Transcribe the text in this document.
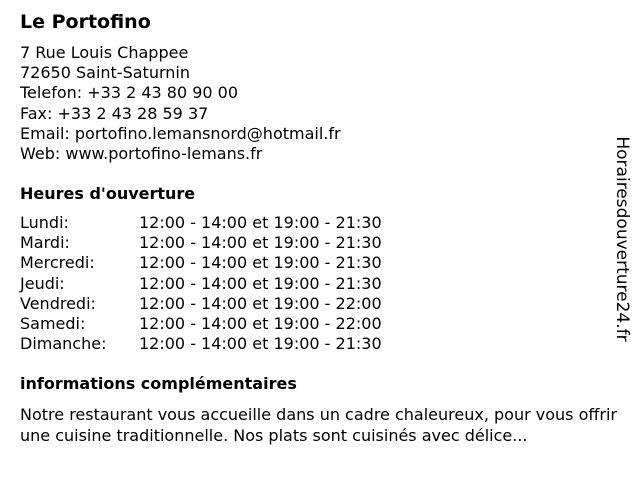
Le Portofino
7 Rue Louis Chappee
72650 Saint-Saturnin
Telefon: +33 2 43 80 90 00
Fax: +33 2 43 28 59 37
Email: portofino.lemansnord@hotmail.fr
Web: www.portofino-lemans.fr
Heures d'ouverture
Lundi:	12:00 - 14:00 et 19:00 - 21:30
Mardi:	12:00 - 14:00 et 19:00 - 21:30
Mercredi:	12:00 - 14:00 et 19:00 - 21:30
Jeudi:	12:00 - 14:00 et 19:00 - 21:30
Vendredi:	12:00 - 14:00 et 19:00 - 22:00
Samedi:	12:00 - 14:00 et 19:00 - 22:00
Dimanche: 12:00 - 14:00 et 19:00 - 21:30
informations complémentaires
Notre restaurant vous accueille dans un cadre chaleureux, pour vous offrir une cuisine traditionnelle. Nos plats sont cuisinés avec délice...
Horairesdouverture24.fr
